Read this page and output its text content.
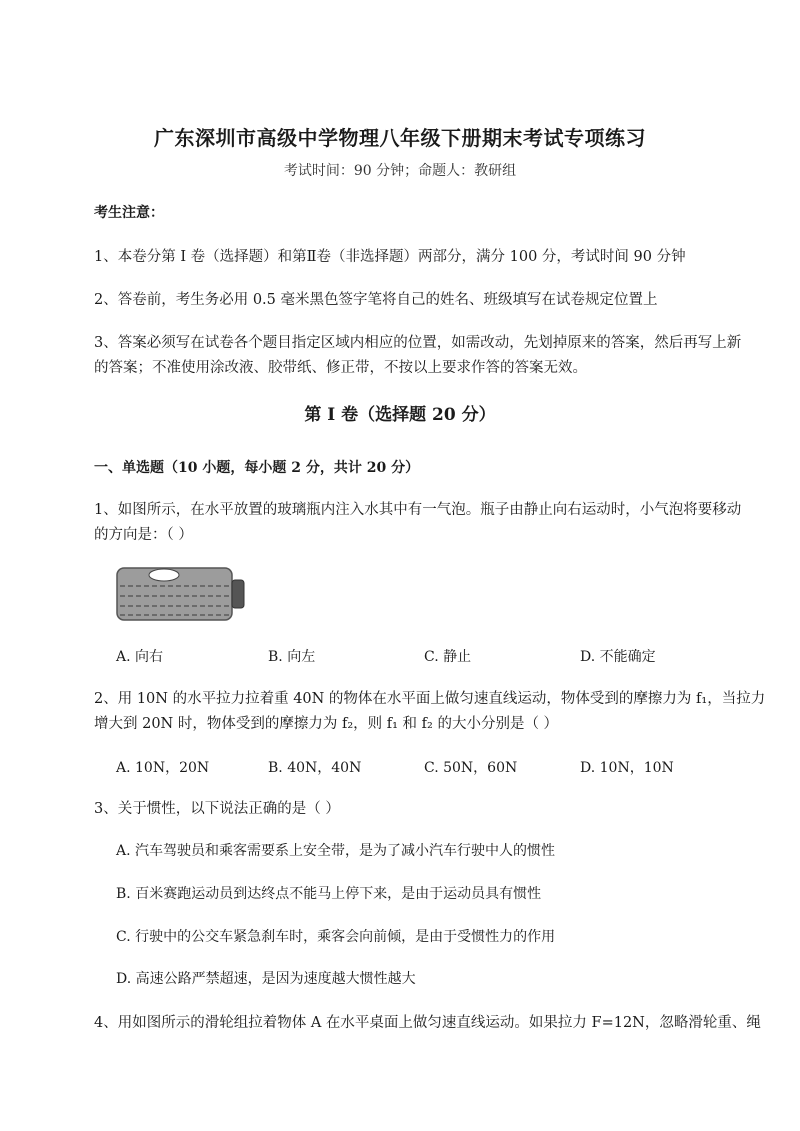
广东深圳市高级中学物理八年级下册期末考试专项练习
考试时间：90 分钟；命题人：教研组
考生注意：
1、本卷分第 I 卷（选择题）和第Ⅱ卷（非选择题）两部分，满分 100 分，考试时间 90 分钟
2、答卷前，考生务必用 0.5 毫米黑色签字笔将自己的姓名、班级填写在试卷规定位置上
3、答案必须写在试卷各个题目指定区域内相应的位置，如需改动，先划掉原来的答案，然后再写上新
的答案；不准使用涂改液、胶带纸、修正带，不按以上要求作答的答案无效。
第 I 卷（选择题 20 分）
一、单选题（10 小题，每小题 2 分，共计 20 分）
1、如图所示，在水平放置的玻璃瓶内注入水其中有一气泡。瓶子由静止向右运动时，小气泡将要移动
的方向是：（ ）
A. 向右	B. 向左	C. 静止	D. 不能确定
2、用 10N 的水平拉力拉着重 40N 的物体在水平面上做匀速直线运动，物体受到的摩擦力为 f₁，当拉力
增大到 20N 时，物体受到的摩擦力为 f₂，则 f₁ 和 f₂ 的大小分别是（ ）
A. 10N，20N	B. 40N，40N	C. 50N，60N	D. 10N，10N
3、关于惯性，以下说法正确的是（ ）
A. 汽车驾驶员和乘客需要系上安全带，是为了减小汽车行驶中人的惯性
B. 百米赛跑运动员到达终点不能马上停下来，是由于运动员具有惯性
C. 行驶中的公交车紧急刹车时，乘客会向前倾，是由于受惯性力的作用
D. 高速公路严禁超速，是因为速度越大惯性越大
4、用如图所示的滑轮组拉着物体 A 在水平桌面上做匀速直线运动。如果拉力 F=12N，忽略滑轮重、绳
